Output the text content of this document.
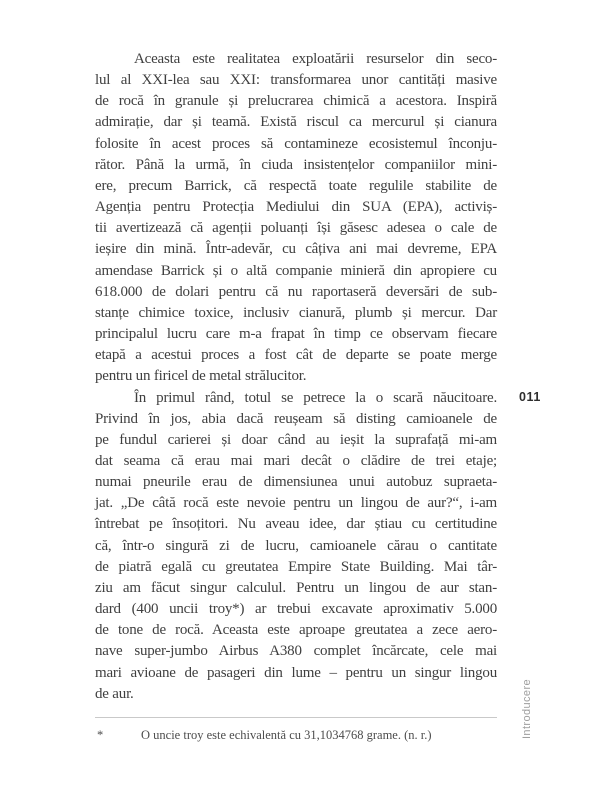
Aceasta este realitatea exploatării resurselor din seco-
lul al XXI-lea sau XXI: transformarea unor cantități masive
de rocă în granule și prelucrarea chimică a acestora. Inspiră
admirație, dar și teamă. Există riscul ca mercurul și cianura
folosite în acest proces să contamineze ecosistemul înconju-
rător. Până la urmă, în ciuda insistențelor companiilor mini-
ere, precum Barrick, că respectă toate regulile stabilite de
Agenția pentru Protecția Mediului din SUA (EPA), activiș-
tii avertizează că agenții poluanți își găsesc adesea o cale de
ieșire din mină. Într-adevăr, cu câțiva ani mai devreme, EPA
amendase Barrick și o altă companie minieră din apropiere cu
618.000 de dolari pentru că nu raportaseră deversări de sub-
stanțe chimice toxice, inclusiv cianură, plumb și mercur. Dar
principalul lucru care m-a frapat în timp ce observam fiecare
etapă a acestui proces a fost cât de departe se poate merge
pentru un firicel de metal strălucitor.
În primul rând, totul se petrece la o scară năucitoare.
Privind în jos, abia dacă reușeam să disting camioanele de
pe fundul carierei și doar când au ieșit la suprafață mi-am
dat seama că erau mai mari decât o clădire de trei etaje;
numai pneurile erau de dimensiunea unui autobuz supraeta-
jat. „De câtă rocă este nevoie pentru un lingou de aur?“, i-am
întrebat pe însoțitori. Nu aveau idee, dar știau cu certitudine
că, într-o singură zi de lucru, camioanele cărau o cantitate
de piatră egală cu greutatea Empire State Building. Mai târ-
ziu am făcut singur calculul. Pentru un lingou de aur stan-
dard (400 uncii troy*) ar trebui excavate aproximativ 5.000
de tone de rocă. Aceasta este aproape greutatea a zece aero-
nave super-jumbo Airbus A380 complet încărcate, cele mai
mari avioane de pasageri din lume – pentru un singur lingou
de aur.
011
*	O uncie troy este echivalentă cu 31,1034768 grame. (n. r.)	Introducere
